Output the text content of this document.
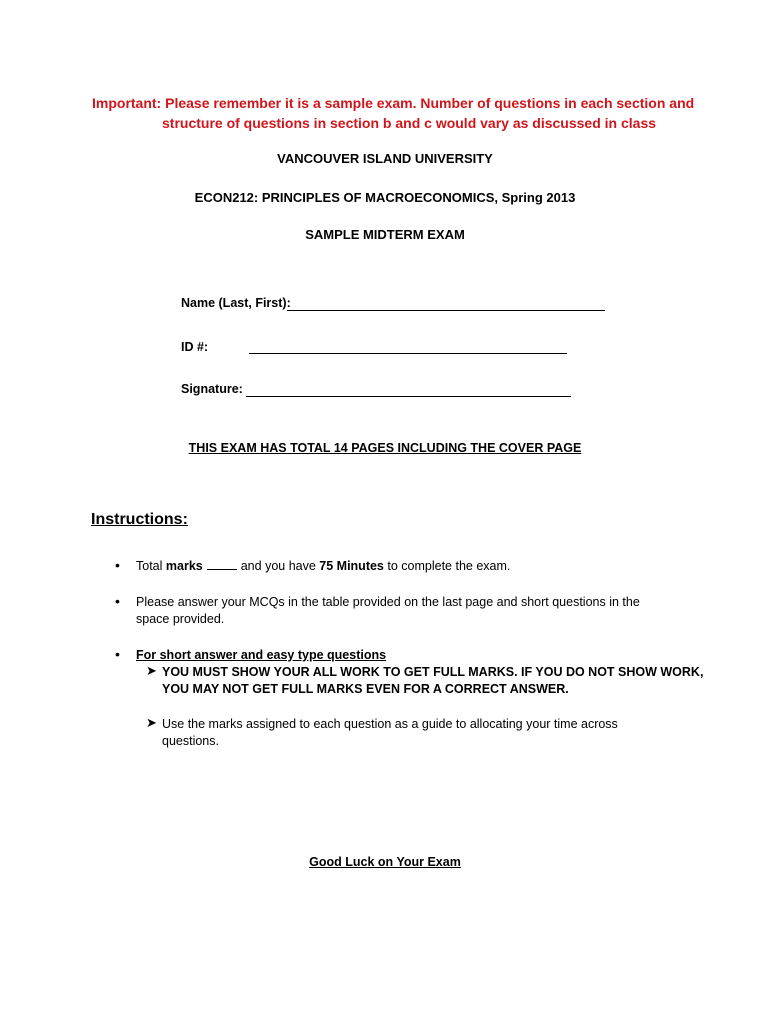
Important: Please remember it is a sample exam. Number of questions in each section and
structure of questions in section b and c would vary as discussed in class
VANCOUVER ISLAND UNIVERSITY
ECON212: PRINCIPLES OF MACROECONOMICS, Spring 2013
SAMPLE MIDTERM EXAM
Name (Last, First):
ID #:
Signature:
THIS EXAM HAS TOTAL 14 PAGES INCLUDING THE COVER PAGE
Instructions:
• Total marks	and you have 75 Minutes to complete the exam.
• Please answer your MCQs in the table provided on the last page and short questions in the
space provided.
• For short answer and easy type questions
➤ YOU MUST SHOW YOUR ALL WORK TO GET FULL MARKS. IF YOU DO NOT SHOW WORK,
YOU MAY NOT GET FULL MARKS EVEN FOR A CORRECT ANSWER.
➤ Use the marks assigned to each question as a guide to allocating your time across
questions.
Good Luck on Your Exam
